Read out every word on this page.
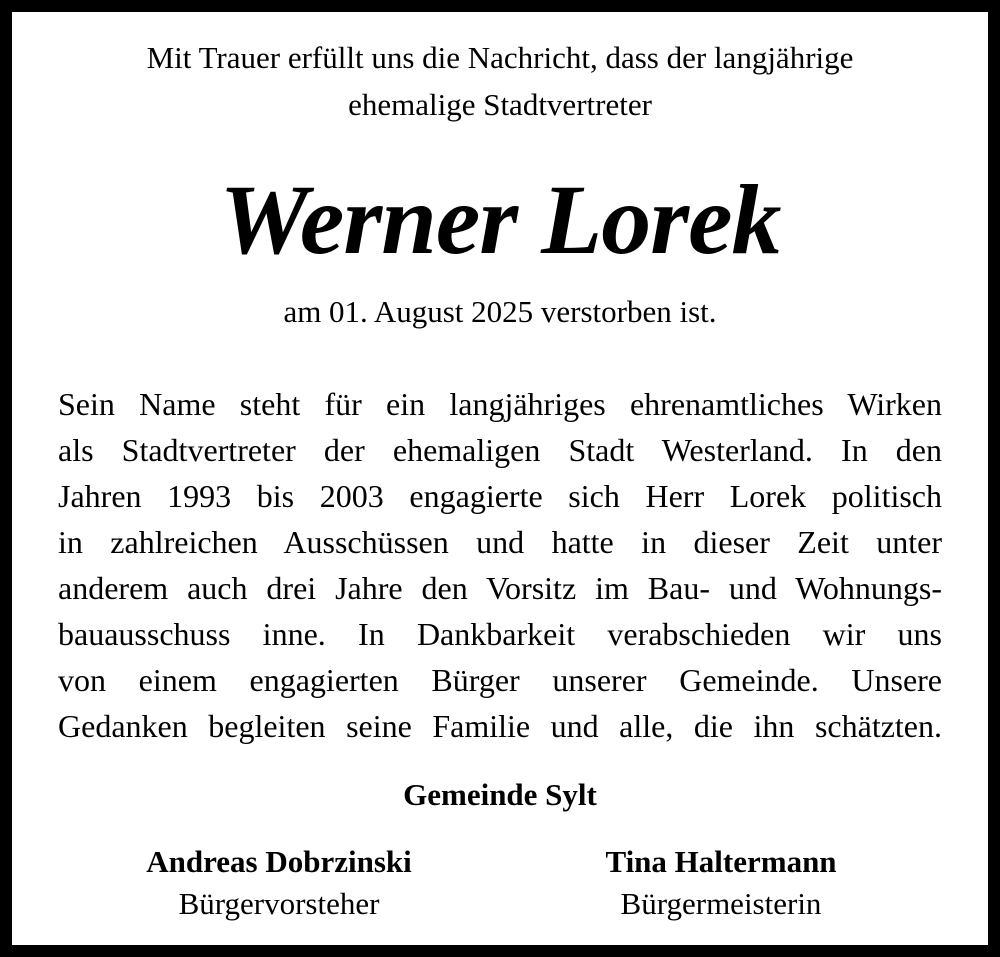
Mit Trauer erfüllt uns die Nachricht, dass der langjährige
ehemalige Stadtvertreter
Werner Lorek
am 01. August 2025 verstorben ist.
Sein Name steht für ein langjähriges ehrenamtliches Wirken
als Stadtvertreter der ehemaligen Stadt Westerland. In den
Jahren 1993 bis 2003 engagierte sich Herr Lorek politisch
in zahlreichen Ausschüssen und hatte in dieser Zeit unter
anderem auch drei Jahre den Vorsitz im Bau- und Wohnungs-
bauausschuss inne. In Dankbarkeit verabschieden wir uns
von einem engagierten Bürger unserer Gemeinde. Unsere
Gedanken begleiten seine Familie und alle, die ihn schätzten.
Gemeinde Sylt
Andreas Dobrzinski
Bürgervorsteher
Tina Haltermann
Bürgermeisterin
